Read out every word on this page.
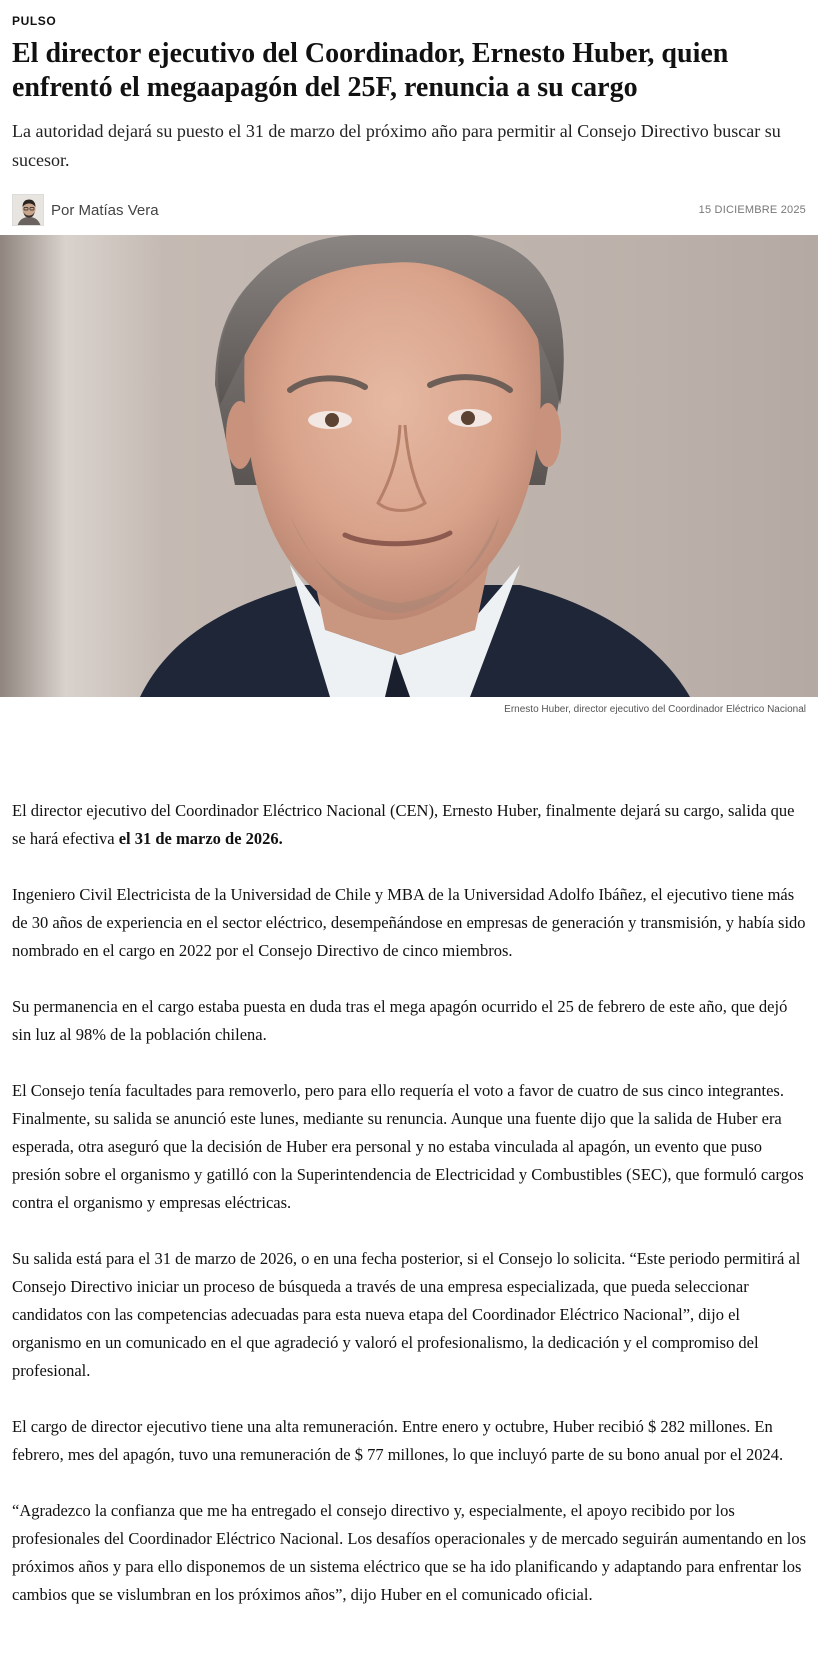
PULSO
El director ejecutivo del Coordinador, Ernesto Huber, quien enfrentó el megaapagón del 25F, renuncia a su cargo

La autoridad dejará su puesto el 31 de marzo del próximo año para permitir al Consejo Directivo buscar su sucesor.

Por Matías Vera	15 DICIEMBRE 2025
Ernesto Huber, director ejecutivo del Coordinador Eléctrico Nacional

El director ejecutivo del Coordinador Eléctrico Nacional (CEN), Ernesto Huber, finalmente dejará su cargo, salida que se hará efectiva el 31 de marzo de 2026.

Ingeniero Civil Electricista de la Universidad de Chile y MBA de la Universidad Adolfo Ibáñez, el ejecutivo tiene más de 30 años de experiencia en el sector eléctrico, desempeñándose en empresas de generación y transmisión, y había sido nombrado en el cargo en 2022 por el Consejo Directivo de cinco miembros.

Su permanencia en el cargo estaba puesta en duda tras el mega apagón ocurrido el 25 de febrero de este año, que dejó sin luz al 98% de la población chilena.

El Consejo tenía facultades para removerlo, pero para ello requería el voto a favor de cuatro de sus cinco integrantes. Finalmente, su salida se anunció este lunes, mediante su renuncia. Aunque una fuente dijo que la salida de Huber era esperada, otra aseguró que la decisión de Huber era personal y no estaba vinculada al apagón, un evento que puso presión sobre el organismo y gatilló con la Superintendencia de Electricidad y Combustibles (SEC), que formuló cargos contra el organismo y empresas eléctricas.

Su salida está para el 31 de marzo de 2026, o en una fecha posterior, si el Consejo lo solicita. “Este periodo permitirá al Consejo Directivo iniciar un proceso de búsqueda a través de una empresa especializada, que pueda seleccionar candidatos con las competencias adecuadas para esta nueva etapa del Coordinador Eléctrico Nacional”, dijo el organismo en un comunicado en el que agradeció y valoró el profesionalismo, la dedicación y el compromiso del profesional.

El cargo de director ejecutivo tiene una alta remuneración. Entre enero y octubre, Huber recibió $ 282 millones. En febrero, mes del apagón, tuvo una remuneración de $ 77 millones, lo que incluyó parte de su bono anual por el 2024.

“Agradezco la confianza que me ha entregado el consejo directivo y, especialmente, el apoyo recibido por los profesionales del Coordinador Eléctrico Nacional. Los desafíos operacionales y de mercado seguirán aumentando en los próximos años y para ello disponemos de un sistema eléctrico que se ha ido planificando y adaptando para enfrentar los cambios que se vislumbran en los próximos años”, dijo Huber en el comunicado oficial.
